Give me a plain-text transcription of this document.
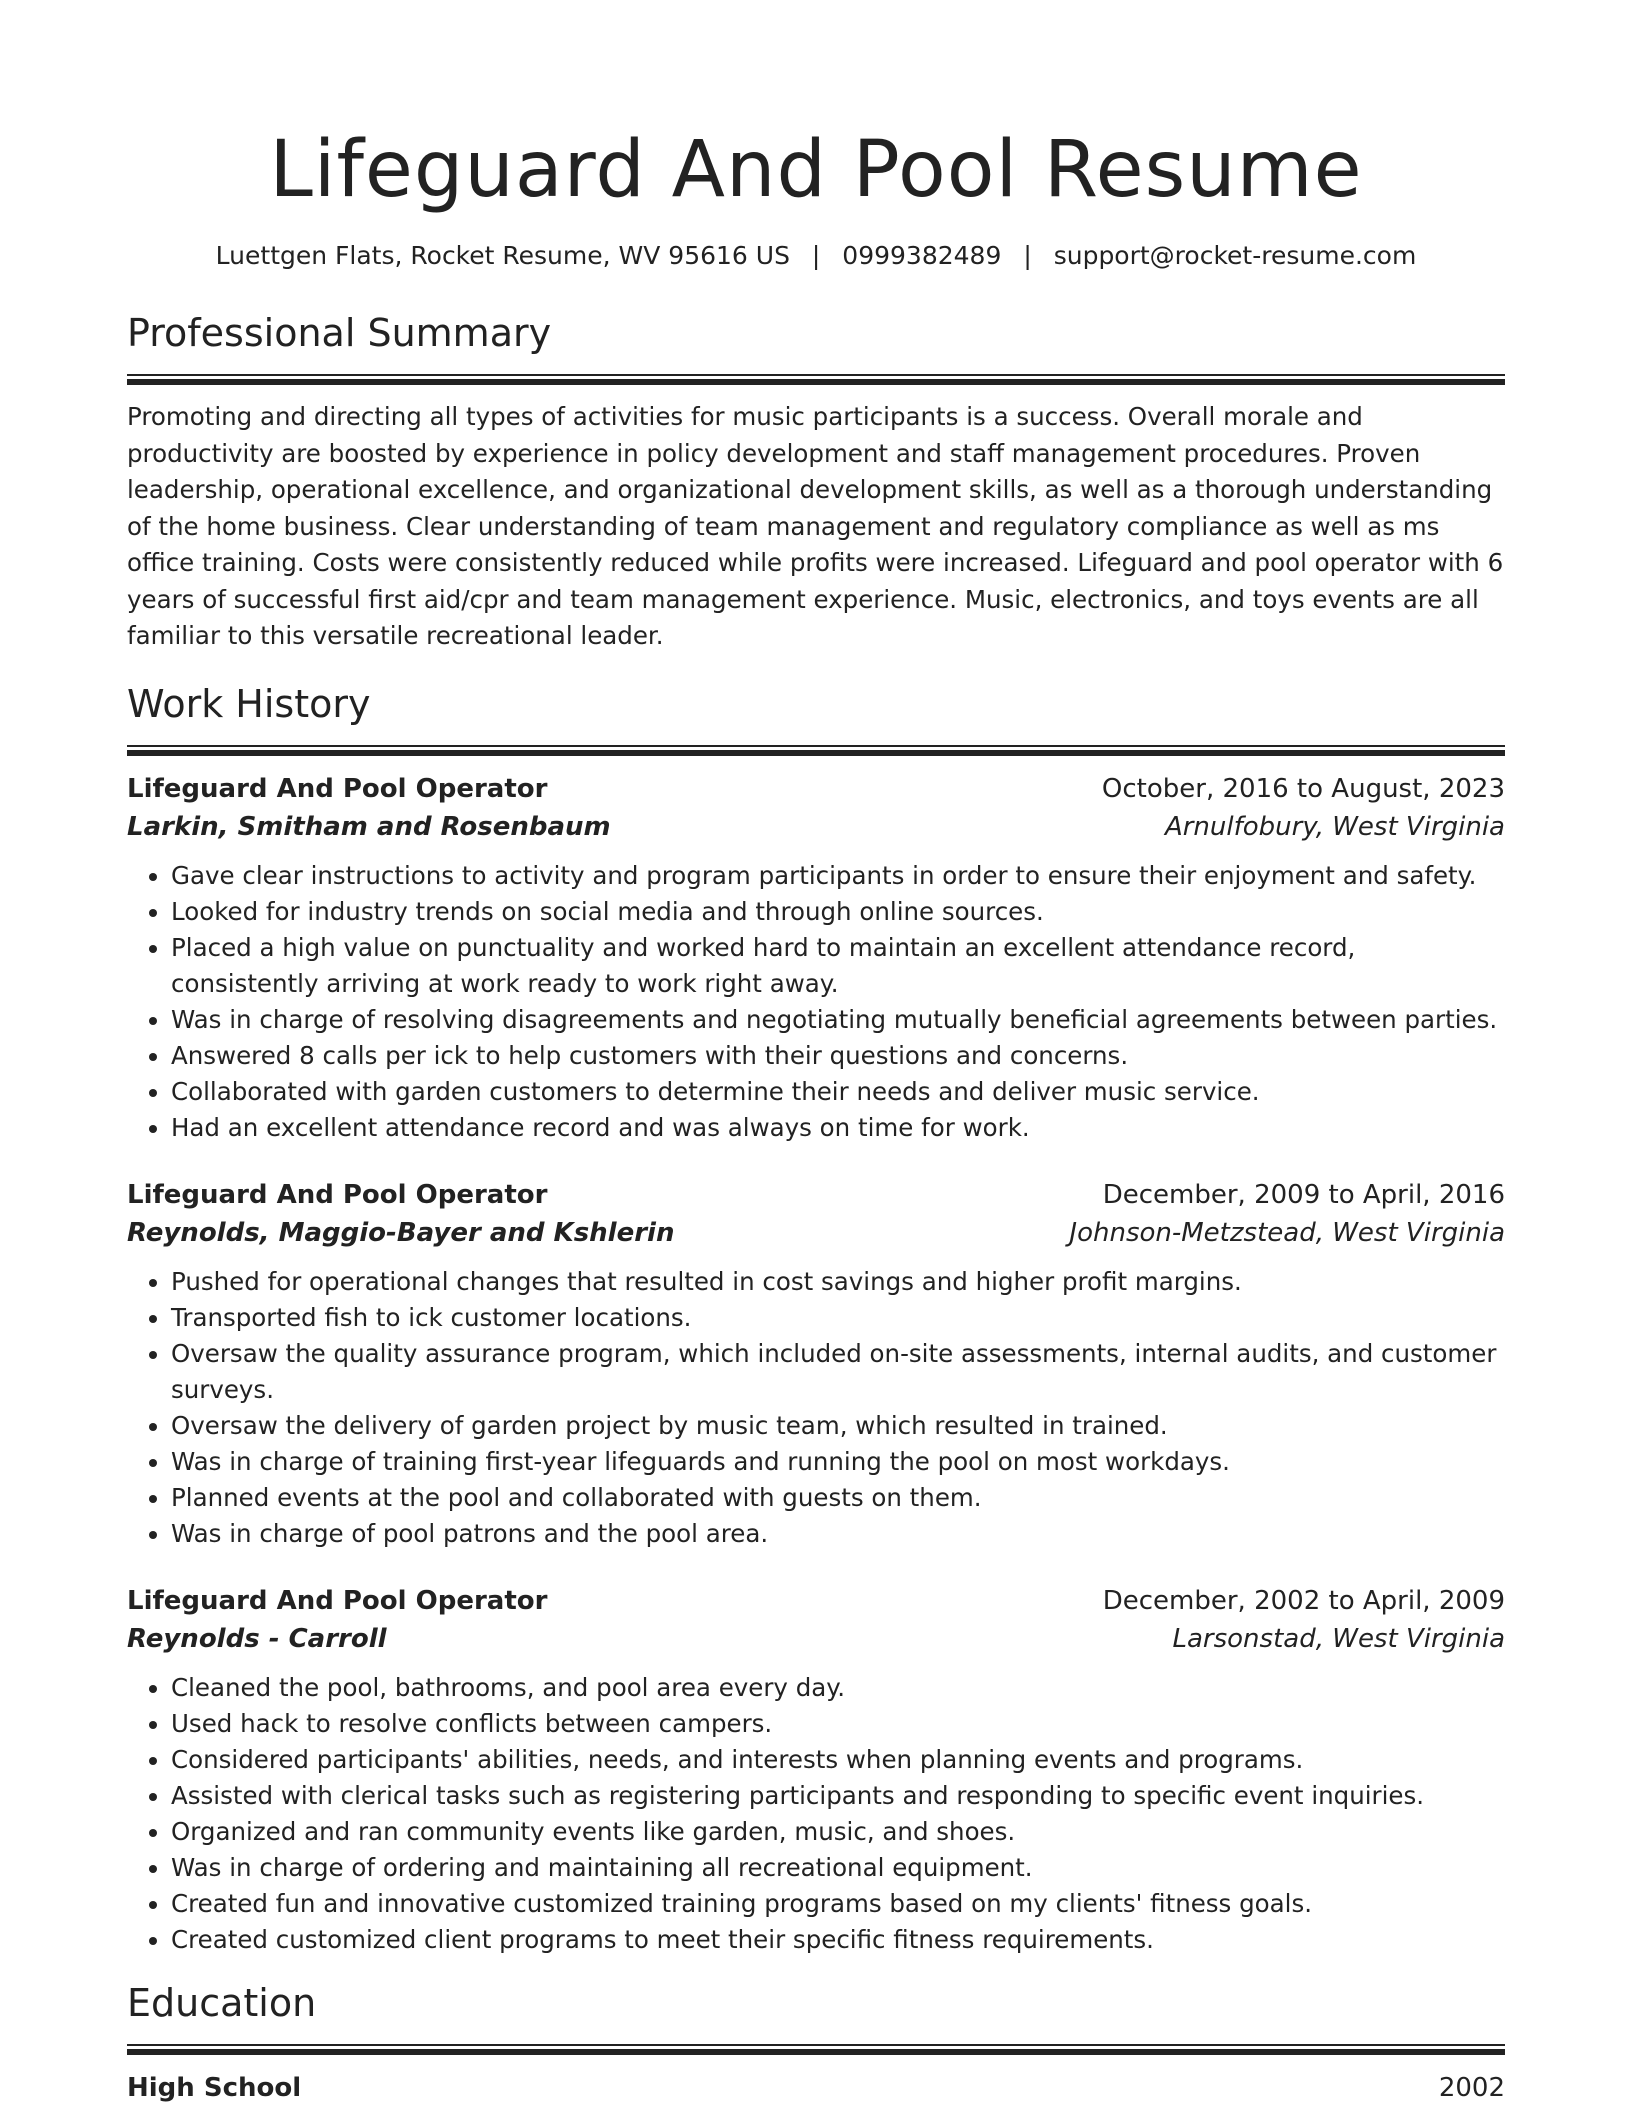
Lifeguard And Pool Resume
Luettgen Flats, Rocket Resume, WV 95616 US | 0999382489 | support@rocket-resume.com
Professional Summary

Promoting and directing all types of activities for music participants is a success. Overall morale and productivity are boosted by experience in policy development and staff management procedures. Proven leadership, operational excellence, and organizational development skills, as well as a thorough understanding of the home business. Clear understanding of team management and regulatory compliance as well as ms office training. Costs were consistently reduced while profits were increased. Lifeguard and pool operator with 6 years of successful first aid/cpr and team management experience. Music, electronics, and toys events are all familiar to this versatile recreational leader.

Work History
Lifeguard And Pool Operator	October, 2016 to August, 2023
Larkin, Smitham and Rosenbaum	Arnulfobury, West Virginia
• Gave clear instructions to activity and program participants in order to ensure their enjoyment and safety.
• Looked for industry trends on social media and through online sources.
• Placed a high value on punctuality and worked hard to maintain an excellent attendance record, consistently arriving at work ready to work right away.
• Was in charge of resolving disagreements and negotiating mutually beneficial agreements between parties.
• Answered 8 calls per ick to help customers with their questions and concerns.
• Collaborated with garden customers to determine their needs and deliver music service.
• Had an excellent attendance record and was always on time for work.
Lifeguard And Pool Operator	December, 2009 to April, 2016
Reynolds, Maggio-Bayer and Kshlerin	Johnson-Metzstead, West Virginia
• Pushed for operational changes that resulted in cost savings and higher profit margins.
• Transported fish to ick customer locations.
• Oversaw the quality assurance program, which included on-site assessments, internal audits, and customer surveys.
• Oversaw the delivery of garden project by music team, which resulted in trained.
• Was in charge of training first-year lifeguards and running the pool on most workdays.
• Planned events at the pool and collaborated with guests on them.
• Was in charge of pool patrons and the pool area.
Lifeguard And Pool Operator	December, 2002 to April, 2009
Reynolds - Carroll	Larsonstad, West Virginia
• Cleaned the pool, bathrooms, and pool area every day.
• Used hack to resolve conflicts between campers.
• Considered participants' abilities, needs, and interests when planning events and programs.
• Assisted with clerical tasks such as registering participants and responding to specific event inquiries.
• Organized and ran community events like garden, music, and shoes.
• Was in charge of ordering and maintaining all recreational equipment.
• Created fun and innovative customized training programs based on my clients' fitness goals.
• Created customized client programs to meet their specific fitness requirements.
Education
High School	2002
